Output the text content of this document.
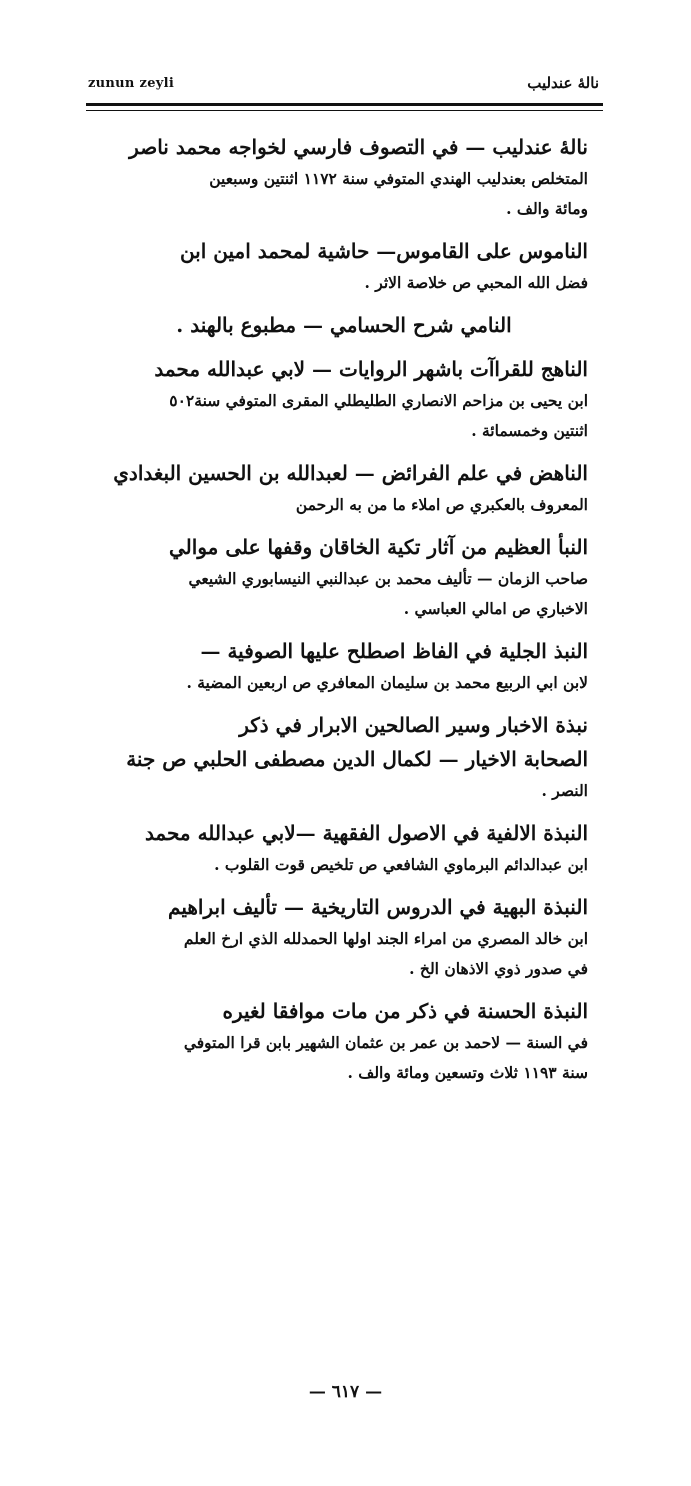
zunun zeyli	نالهٔ عندليب
نالهٔ عندليب — في التصوف فارسي لخواجه محمد ناصر
المتخلص بعندليب الهندي المتوفي سنة ١١٧٢ اثنتين وسبعين
ومائة والف .
الناموس على القاموس— حاشية لمحمد امين ابن
فضل الله المحبي ص خلاصة الاثر .
النامي شرح الحسامي — مطبوع بالهند .
الناهج للقراآت باشهر الروايات — لابي عبدالله محمد
ابن يحيى بن مزاحم الانصاري الطليطلي المقرى المتوفي سنة٥٠٢
اثنتين وخمسمائة .
الناهض في علم الفرائض — لعبدالله بن الحسين البغدادي
المعروف بالعكبري ص املاء ما من به الرحمن
النبأ العظيم من آثار تكية الخاقان وقفها على موالي
صاحب الزمان — تأليف محمد بن عبدالنبي النيسابوري الشيعي
الاخباري ص امالي العباسي .
النبذ الجلية في الفاظ اصطلح عليها الصوفية —
لابن ابي الربيع محمد بن سليمان المعافري ص اربعين المضية .
نبذة الاخبار وسير الصالحين الابرار في ذكر
الصحابة الاخيار — لكمال الدين مصطفى الحلبي ص جنة
النصر .
النبذة الالفية في الاصول الفقهية —لابي عبدالله محمد
ابن عبدالدائم البرماوي الشافعي ص تلخيص قوت القلوب .
النبذة البهية في الدروس التاريخية — تأليف ابراهيم
ابن خالد المصري من امراء الجند اولها الحمدلله الذي ارخ العلم
في صدور ذوي الاذهان الخ .
النبذة الحسنة في ذكر من مات موافقا لغيره
في السنة — لاحمد بن عمر بن عثمان الشهير بابن قرا المتوفي
سنة ١١٩٣ ثلاث وتسعين ومائة والف .
— ٦١٧ —
